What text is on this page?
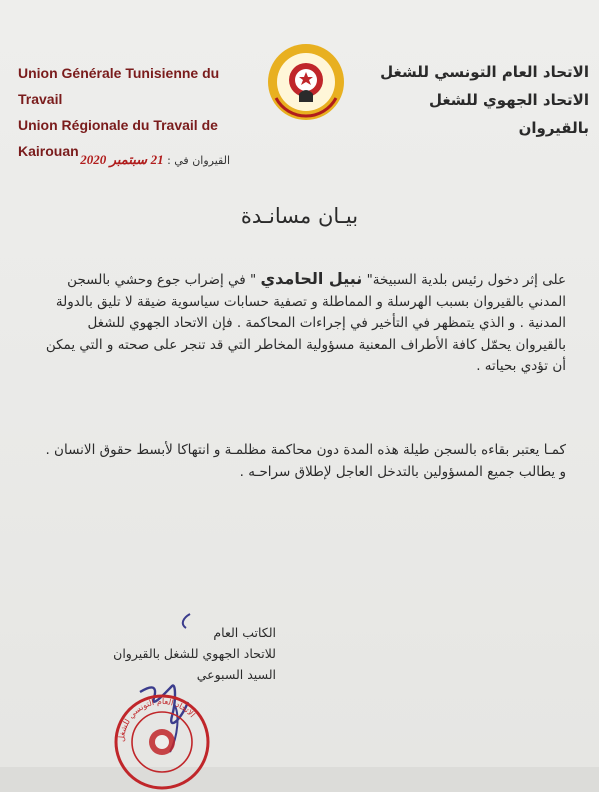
Union Générale Tunisienne du Travail
Union Régionale du Travail de Kairouan
الاتحاد العام التونسي للشغل
الاتحاد الجهوي للشغل بالقيروان
القيروان في : 21 سبتمبر 2020
بيـان مسانـدة
على إثر دخول رئيس بلدية السبيخة" نبيل الحامدي " في إضراب جوع وحشي بالسجن المدني بالقيروان بسبب الهرسلة و المماطلة و تصفية حسابات سياسوية ضيقة لا تليق بالدولة المدنية . و الذي يتمظهر في التأخير في إجراءات المحاكمة . فإن الاتحاد الجهوي للشغل بالقيروان يحمّل كافة الأطراف المعنية مسؤولية المخاطر التي قد تنجر على صحته و التي يمكن أن تؤدي بحياته .
كمـا يعتبر بقاءه بالسجن طيلة هذه المدة دون محاكمة مظلمـة و انتهاكا لأبسط حقوق الانسان . و يطالب جميع المسؤولين بالتدخل العاجل لإطلاق سراحـه .
الكاتب العام
للاتحاد الجهوي للشغل بالقيروان
السيد السبوعي
الاتحاد العام التونسي للشغل
